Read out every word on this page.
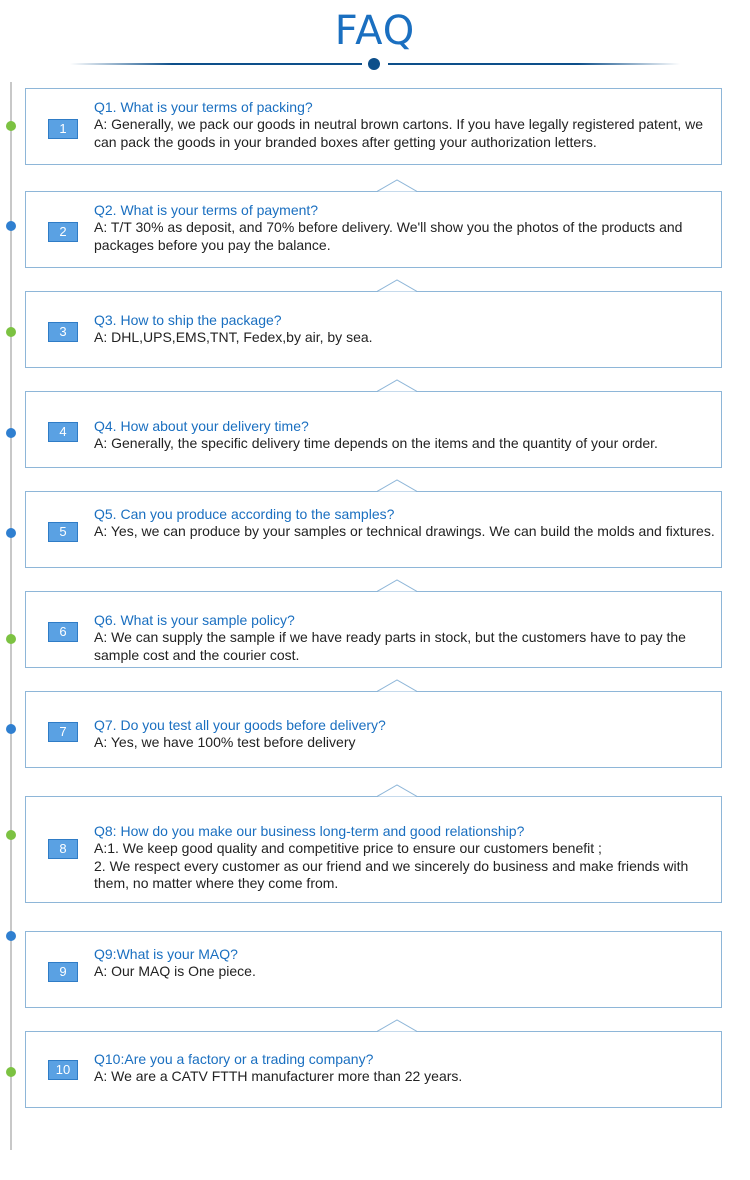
FAQ
1
Q1. What is your terms of packing?
A: Generally, we pack our goods in neutral brown cartons. If you have legally registered patent, we can pack the goods in your branded boxes after getting your authorization letters.
2
Q2. What is your terms of payment?
A: T/T 30% as deposit, and 70% before delivery. We'll show you the photos of the products and packages before you pay the balance.
3
Q3. How to ship the package?
A: DHL,UPS,EMS,TNT, Fedex,by air, by sea.
4	Q4. How about your delivery time?
A: Generally, the specific delivery time depends on the items and the quantity of your order.
5
Q5. Can you produce according to the samples?
A: Yes, we can produce by your samples or technical drawings. We can build the molds and fixtures.
6
Q6. What is your sample policy?
A: We can supply the sample if we have ready parts in stock, but the customers have to pay the sample cost and the courier cost.
7	Q7. Do you test all your goods before delivery?
A: Yes, we have 100% test before delivery
8
Q8: How do you make our business long-term and good relationship?
A:1. We keep good quality and competitive price to ensure our customers benefit ;
2. We respect every customer as our friend and we sincerely do business and make friends with them, no matter where they come from.
9
Q9:What is your MAQ?
A: Our MAQ is One piece.
10
Q10:Are you a factory or a trading company?
A: We are a CATV FTTH manufacturer more than 22 years.
